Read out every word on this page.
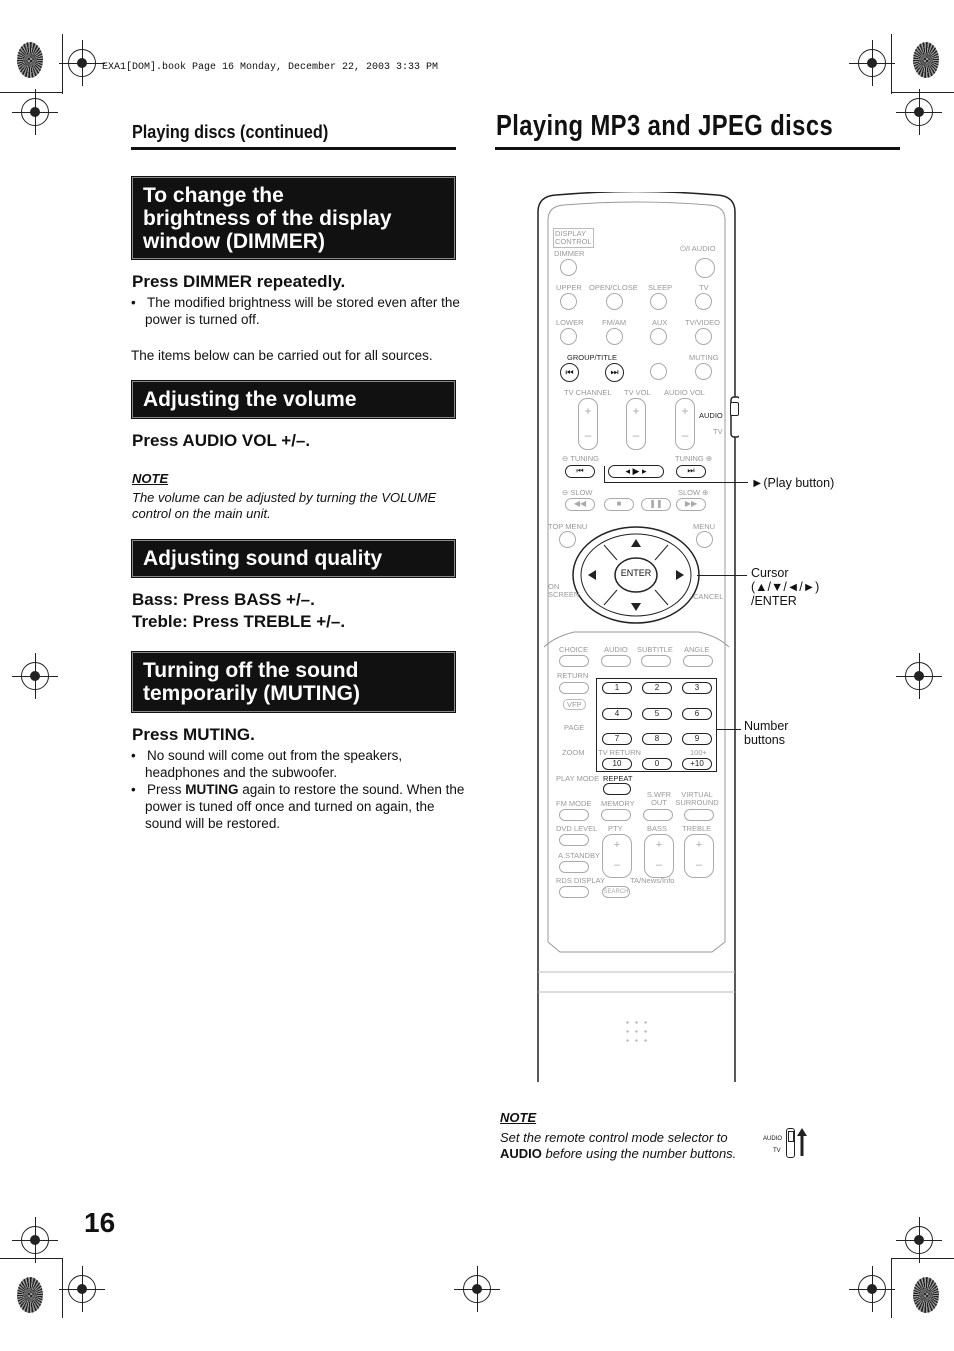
EXA1[DOM].book Page 16 Monday, December 22, 2003 3:33 PM
Playing discs (continued)
To change the
brightness of the display
window (DIMMER)
Press DIMMER repeatedly.
•   The modified brightness will be stored even after the power is turned off.
The items below can be carried out for all sources.
Adjusting the volume
Press AUDIO VOL +/–.
NOTE
The volume can be adjusted by turning the VOLUME control on the main unit.
Adjusting sound quality
Bass: Press BASS +/–.
Treble: Press TREBLE +/–.
Turning off the sound
temporarily (MUTING)
Press MUTING.
•   No sound will come out from the speakers, headphones and the subwoofer.
•   Press MUTING again to restore the sound. When the power is tuned off once and turned on again, the sound will be restored.
16
Playing MP3 and JPEG discs
DISPLAY
CONTROL
DIMMER
⏻/I AUDIO
UPPER OPEN/CLOSE SLEEP	TV
LOWER FM/AM	AUX TV/VIDEO
GROUP/TITLE	MUTING
⏮	⏭
TV CHANNEL TV VOL AUDIO VOL
+
–
+
–
+
–
AUDIO
TV
⊖ TUNING	TUNING ⊕
⏮	◂ ▶ ▸	⏭
⊖ SLOW	SLOW ⊕
◀◀	■	❚❚	▶▶
TOP MENU	MENU
ENTER
ON
SCREEN	CANCEL
CHOICE AUDIO SUBTITLE ANGLE
RETURN
1	2	3
VFP
4	5	6
PAGE
7	8	9
ZOOM TV RETURN	100+
10	0	+10
PLAY MODE REPEAT
FM MODE MEMORY
S.WFR OUT
VIRTUAL SURROUND
DVD LEVEL PTY	BASS TREBLE
+
–
+
–
+
–
A.STANDBY
RDS DISPLAY	TA/News/Info
SEARCH
►(Play button)
Cursor
(▲/▼/◄/►)
/ENTER
Number
buttons
NOTE
Set the remote control mode selector to AUDIO before using the number buttons.
AUDIO
TV
